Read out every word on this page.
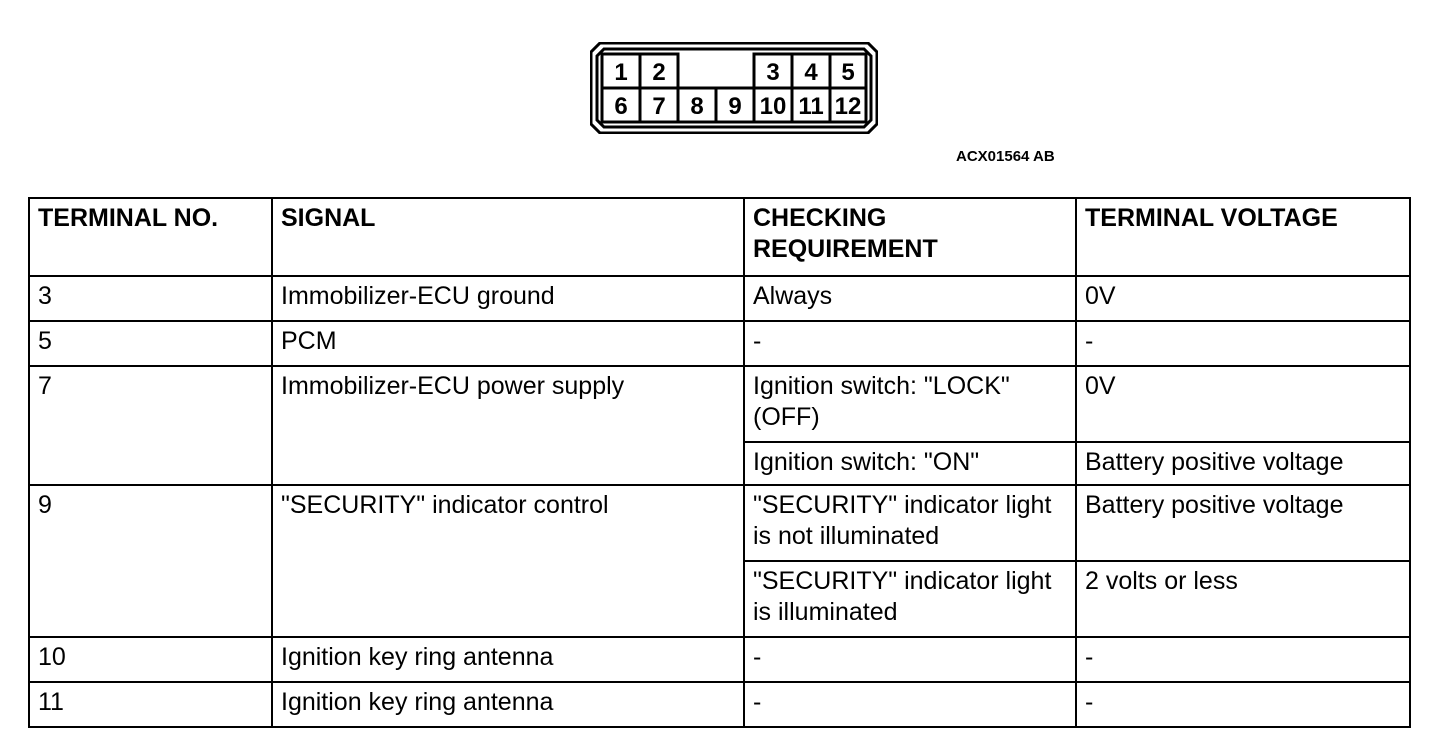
1 2	3 4 5
6 7 8 9 10 11 12
ACX01564 AB
TERMINAL NO.	SIGNAL	CHECKING REQUIREMENT	TERMINAL VOLTAGE
3	Immobilizer-ECU ground	Always	0V
5	PCM	-	-
7	Immobilizer-ECU power supply	Ignition switch: "LOCK" (OFF)	0V
		Ignition switch: "ON"	Battery positive voltage
9	"SECURITY" indicator control	"SECURITY" indicator light is not illuminated	Battery positive voltage
		"SECURITY" indicator light is illuminated	2 volts or less
10	Ignition key ring antenna	-	-
11	Ignition key ring antenna	-	-
